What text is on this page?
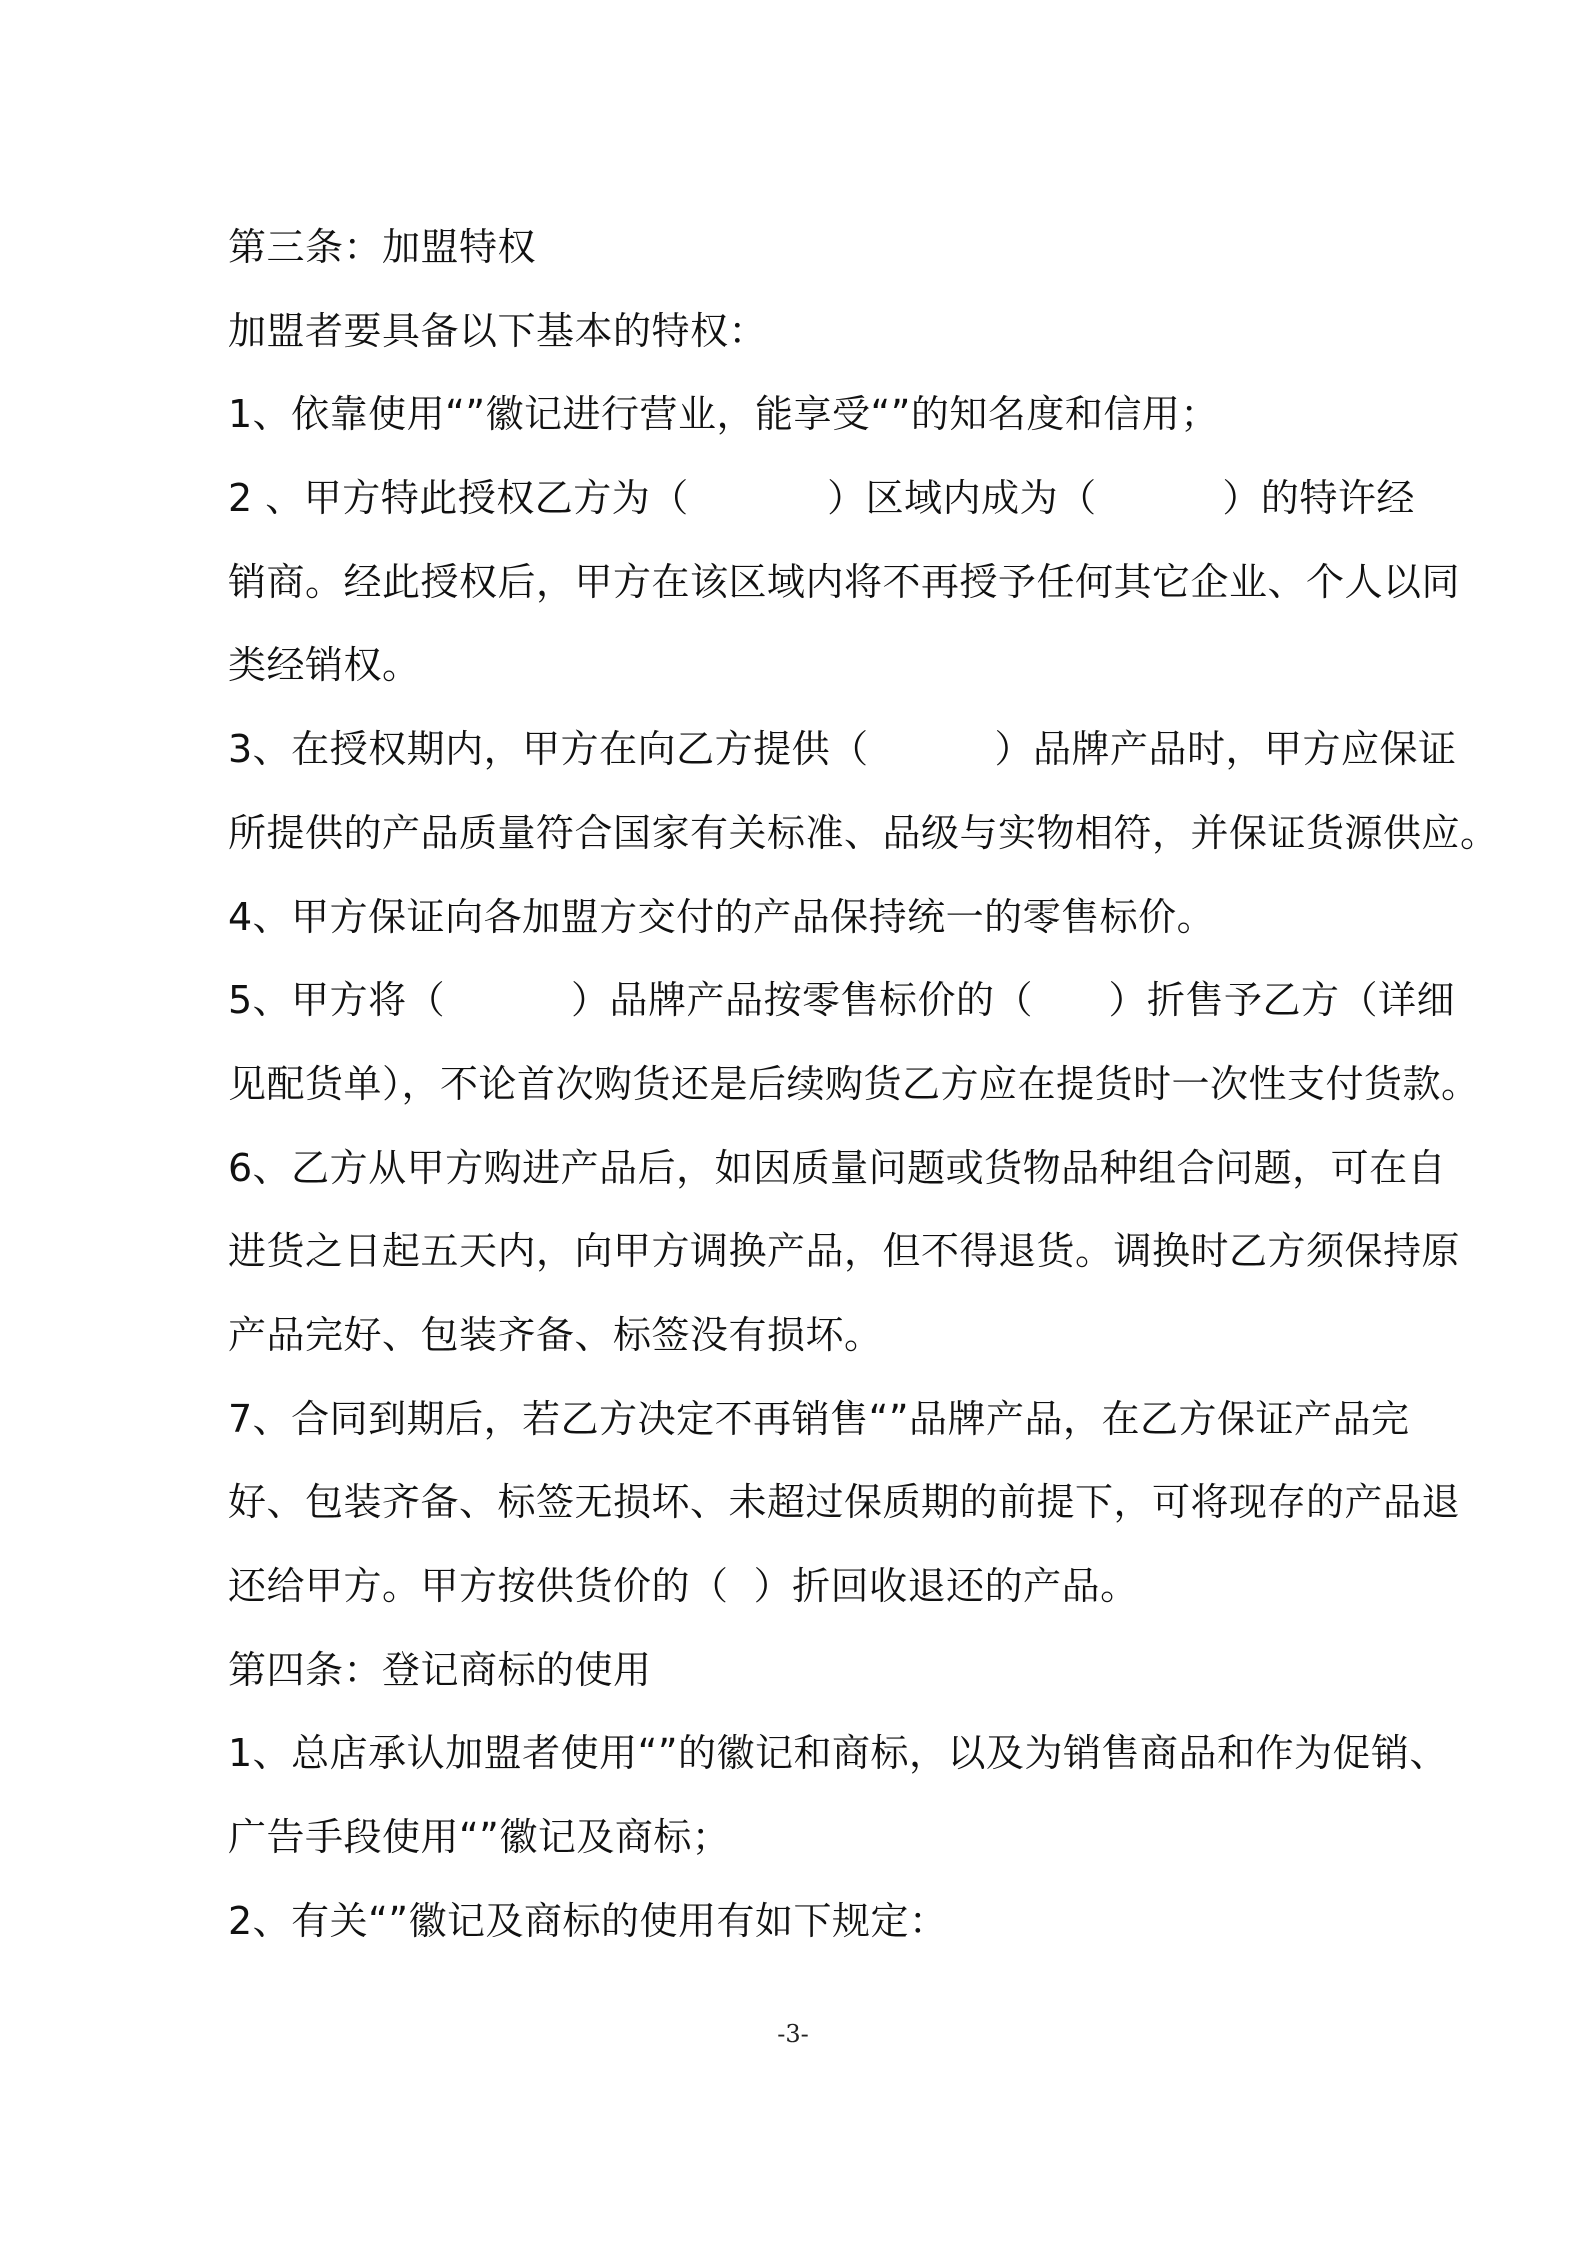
第三条：加盟特权
加盟者要具备以下基本的特权：
1、依靠使用“”徽记进行营业，能享受“”的知名度和信用；
2 、甲方特此授权乙方为（           ）区域内成为（          ）的特许经
销商。经此授权后，甲方在该区域内将不再授予任何其它企业、个人以同
类经销权。
3、在授权期内，甲方在向乙方提供（          ）品牌产品时，甲方应保证
所提供的产品质量符合国家有关标准、品级与实物相符，并保证货源供应。
4、甲方保证向各加盟方交付的产品保持统一的零售标价。
5、甲方将（          ）品牌产品按零售标价的（      ）折售予乙方（详细
见配货单），不论首次购货还是后续购货乙方应在提货时一次性支付货款。
6、乙方从甲方购进产品后，如因质量问题或货物品种组合问题，可在自
进货之日起五天内，向甲方调换产品，但不得退货。调换时乙方须保持原
产品完好、包装齐备、标签没有损坏。
7、合同到期后，若乙方决定不再销售“”品牌产品，在乙方保证产品完
好、包装齐备、标签无损坏、未超过保质期的前提下，可将现存的产品退
还给甲方。甲方按供货价的（  ）折回收退还的产品。
第四条：登记商标的使用
1、总店承认加盟者使用“”的徽记和商标，以及为销售商品和作为促销、
广告手段使用“”徽记及商标；
2、有关“”徽记及商标的使用有如下规定：
-3-
